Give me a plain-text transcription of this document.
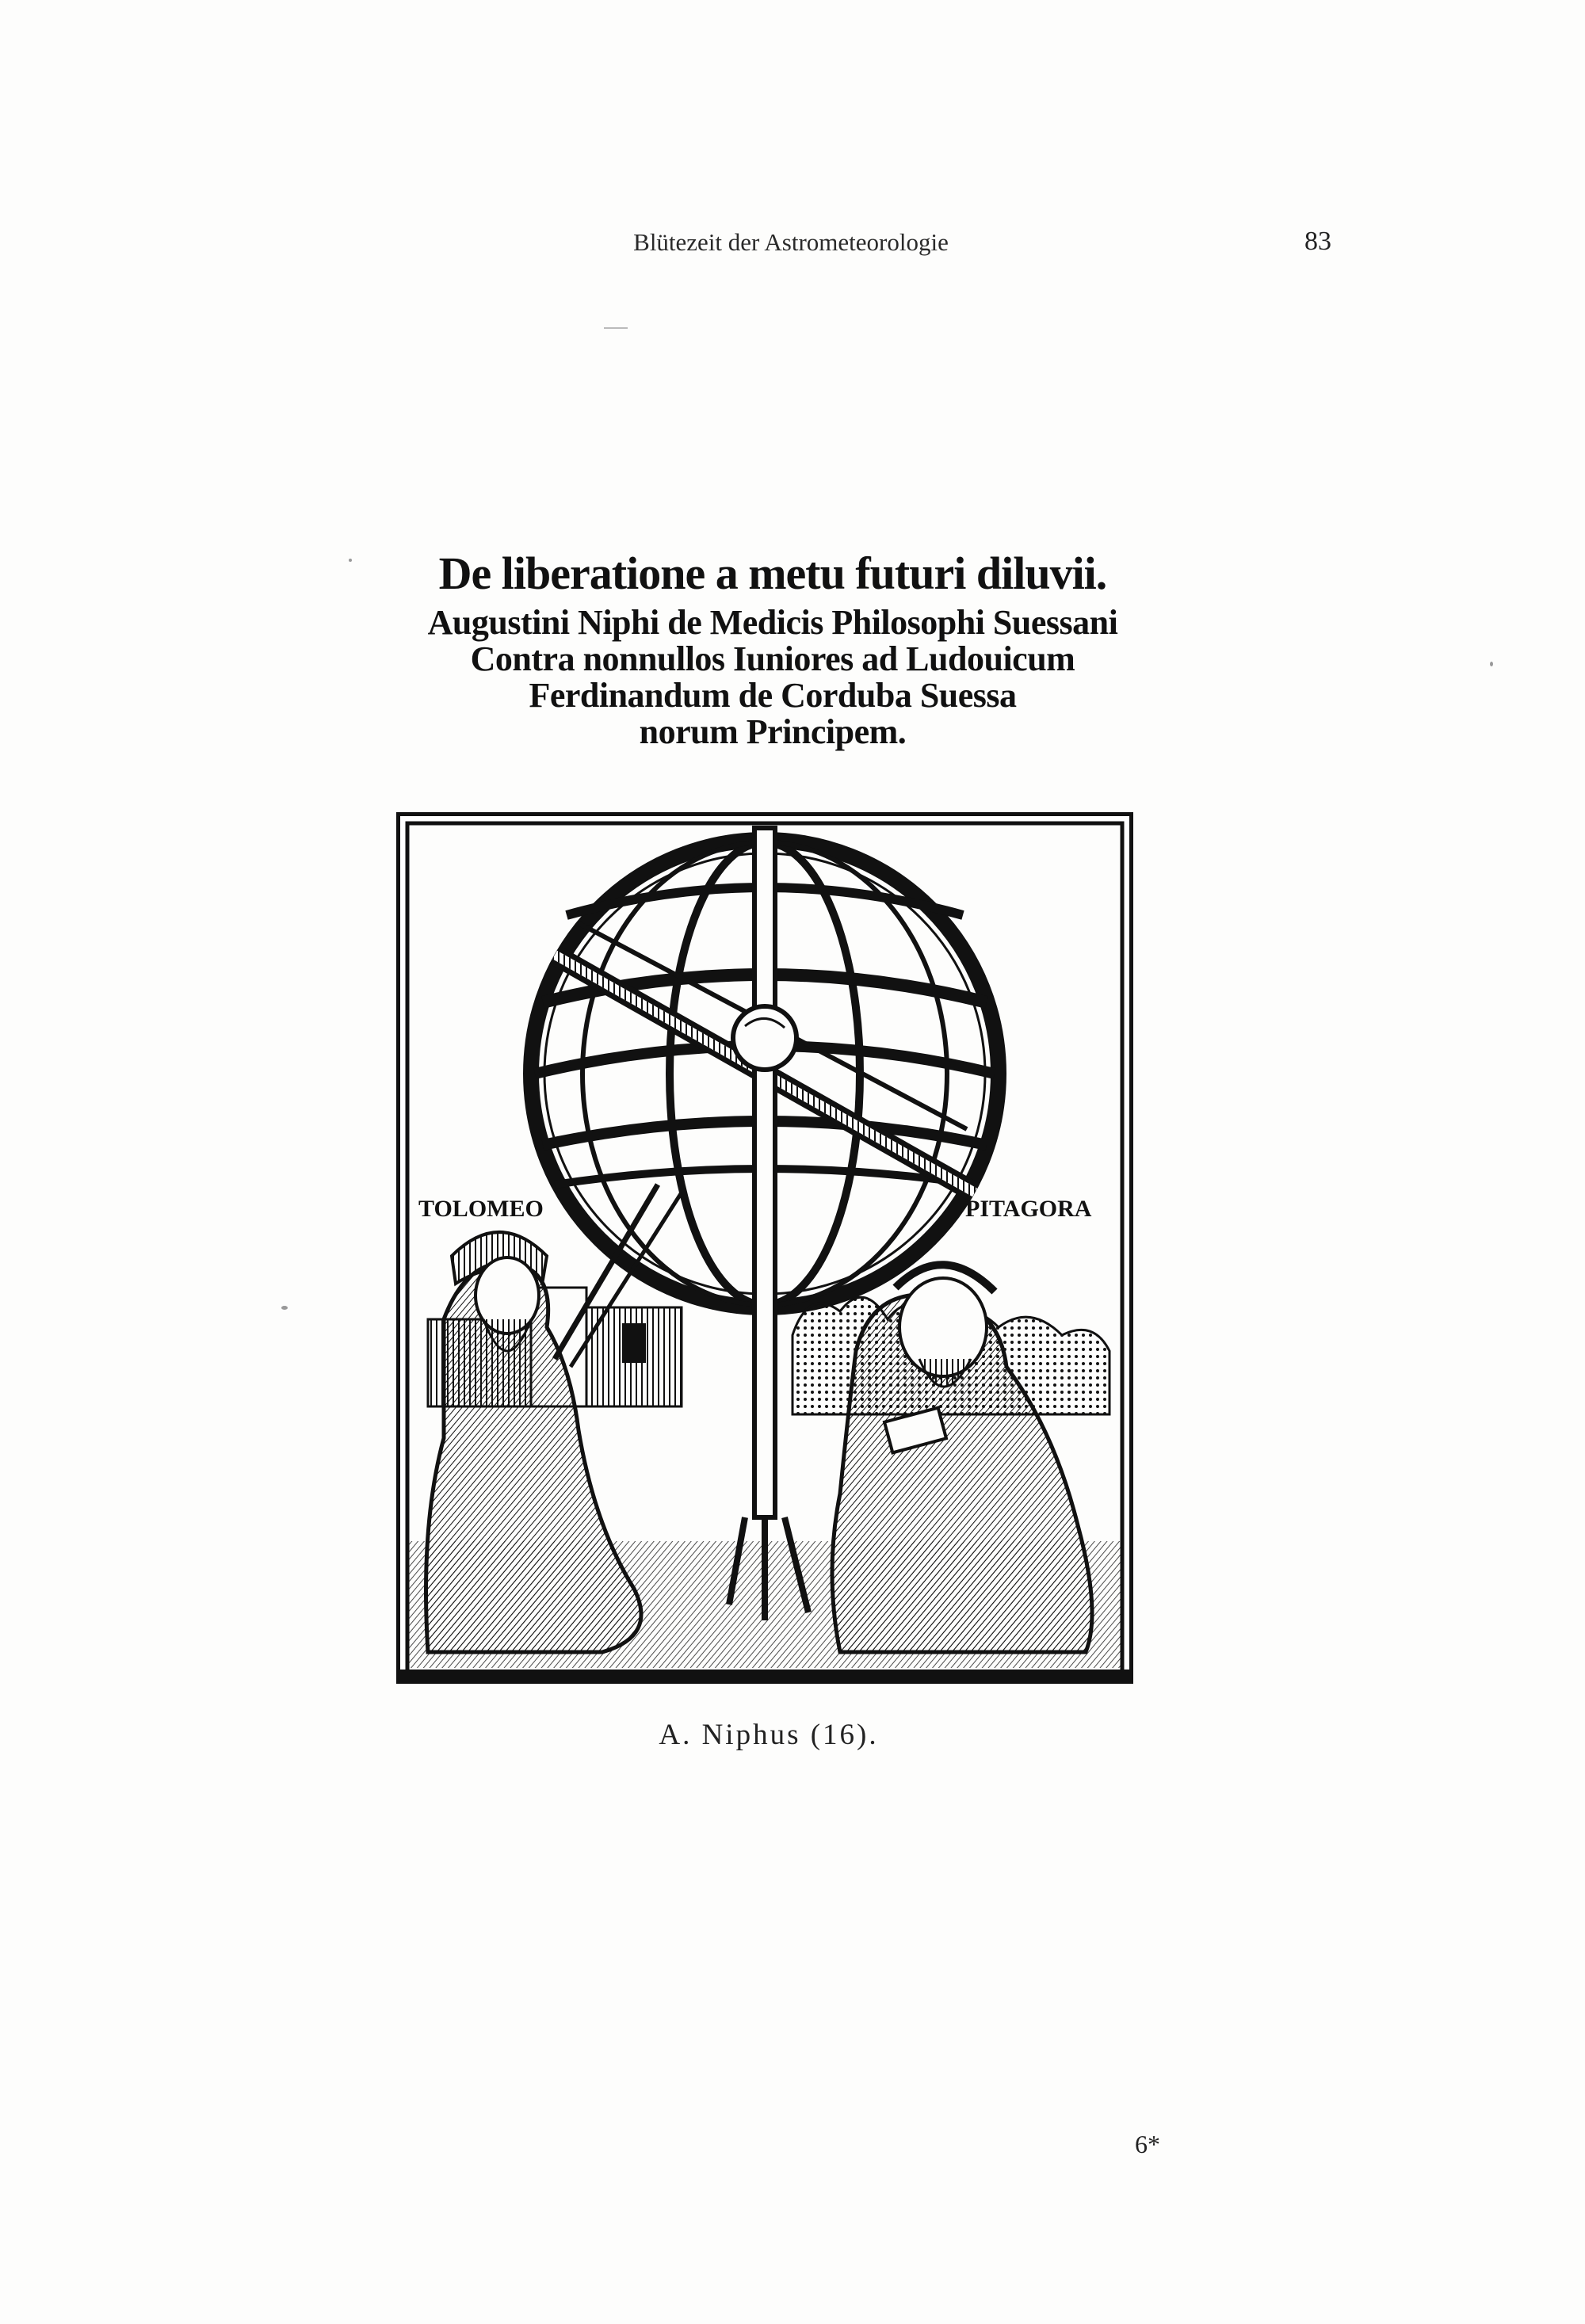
Blütezeit der Astrometeorologie	83
De liberatione a metu futuri diluvii.
Augustini Niphi de Medicis Philosophi Suessani
Contra nonnullos Iuniores ad Ludouicum
Ferdinandum de Corduba Suessa
norum Principem.
TOLOMEO	PITAGORA
A. Niphus (16).
6*
